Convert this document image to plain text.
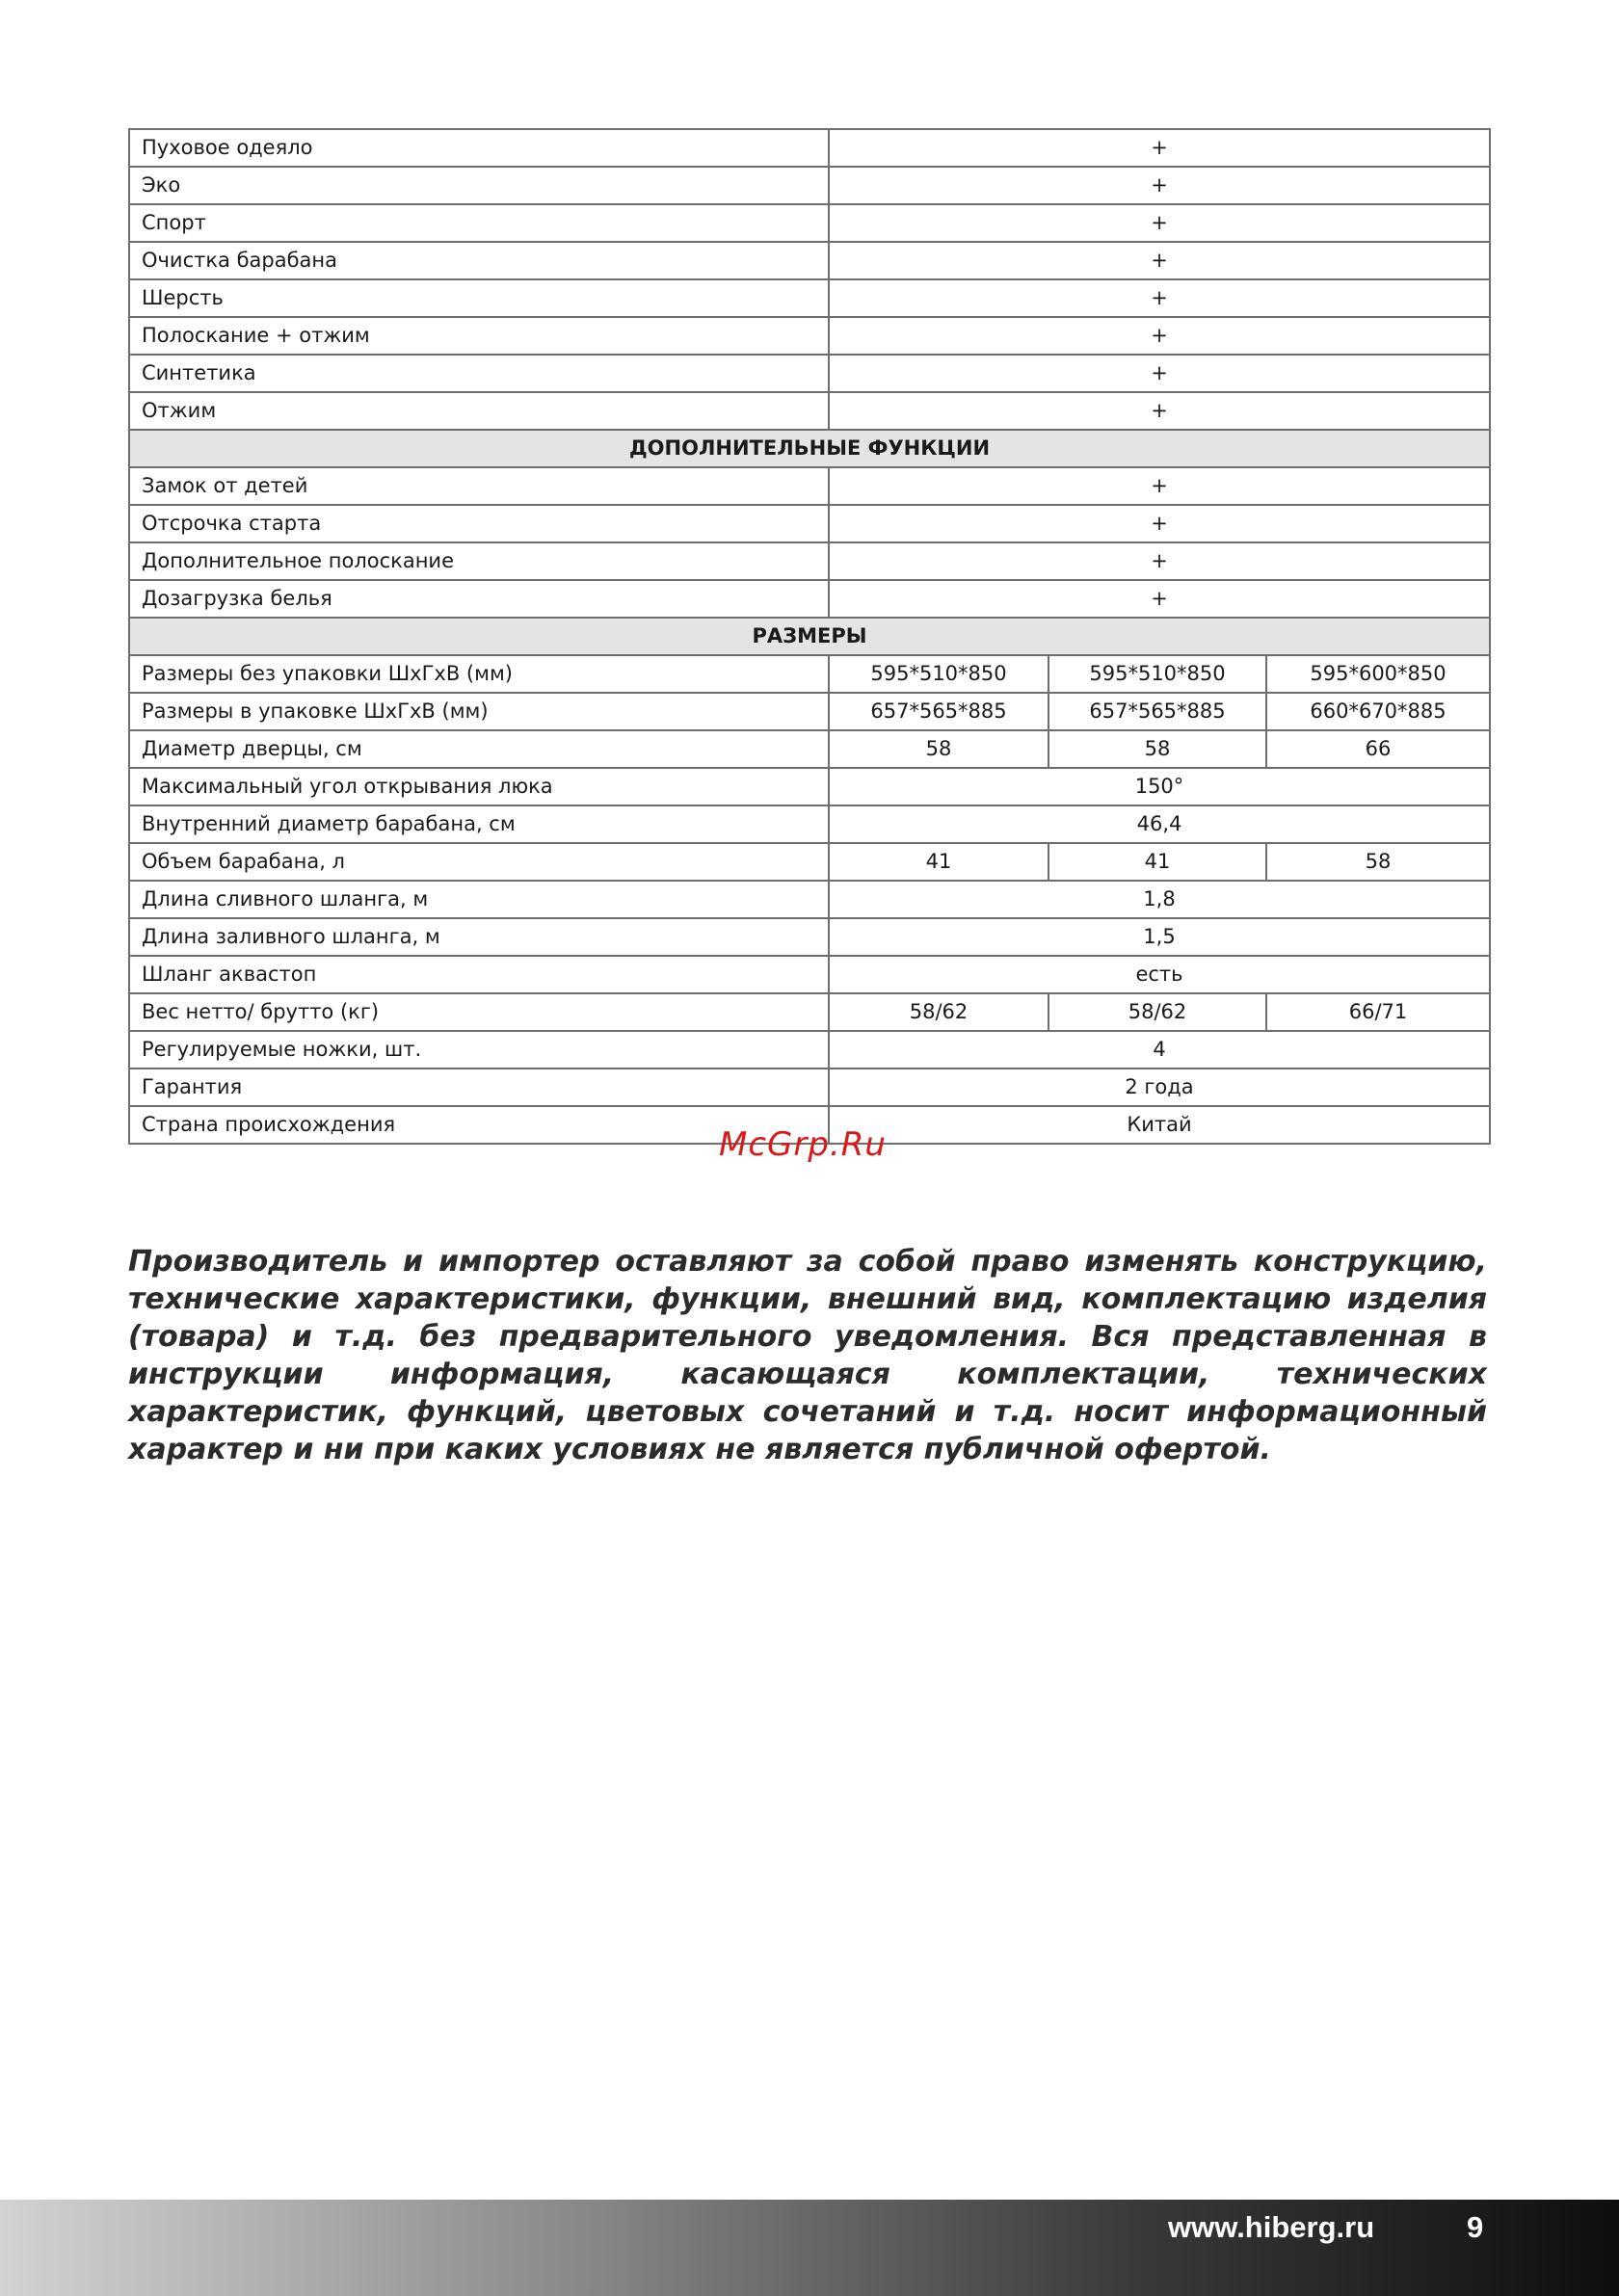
Пуховое одеяло	+		
Эко	+		
Спорт	+		
Очистка барабана	+		
Шерсть	+		
Полоскание + отжим	+		
Синтетика	+		
Отжим	+		
ДОПОЛНИТЕЛЬНЫЕ ФУНКЦИИ			
Замок от детей	+		
Отсрочка старта	+		
Дополнительное полоскание	+		
Дозагрузка белья	+		
РАЗМЕРЫ			
Размеры без упаковки ШхГхВ (мм)	595*510*850	595*510*850	595*600*850
Размеры в упаковке ШхГхВ (мм)	657*565*885	657*565*885	660*670*885
Диаметр дверцы, см	58	58	66
Максимальный угол открывания люка	150°		
Внутренний диаметр барабана, см	46,4		
Объем барабана, л	41	41	58
Длина сливного шланга, м	1,8		
Длина заливного шланга, м	1,5		
Шланг аквастоп	есть		
Вес нетто/ брутто (кг)	58/62	58/62	66/71
Регулируемые ножки, шт.	4		
Гарантия	2 года		
Страна происхождения	Китай		
McGrp.Ru

Производитель и импортер оставляют за собой право изменять конструкцию, технические характеристики, функции, внешний вид, комплектацию изделия (товара) и т.д. без предварительного уведомления. Вся представленная в инструкции информация, касающаяся комплектации, технических характеристик, функций, цветовых сочетаний и т.д. носит информационный характер и ни при каких условиях не является публичной офертой.

www.hiberg.ru	9
